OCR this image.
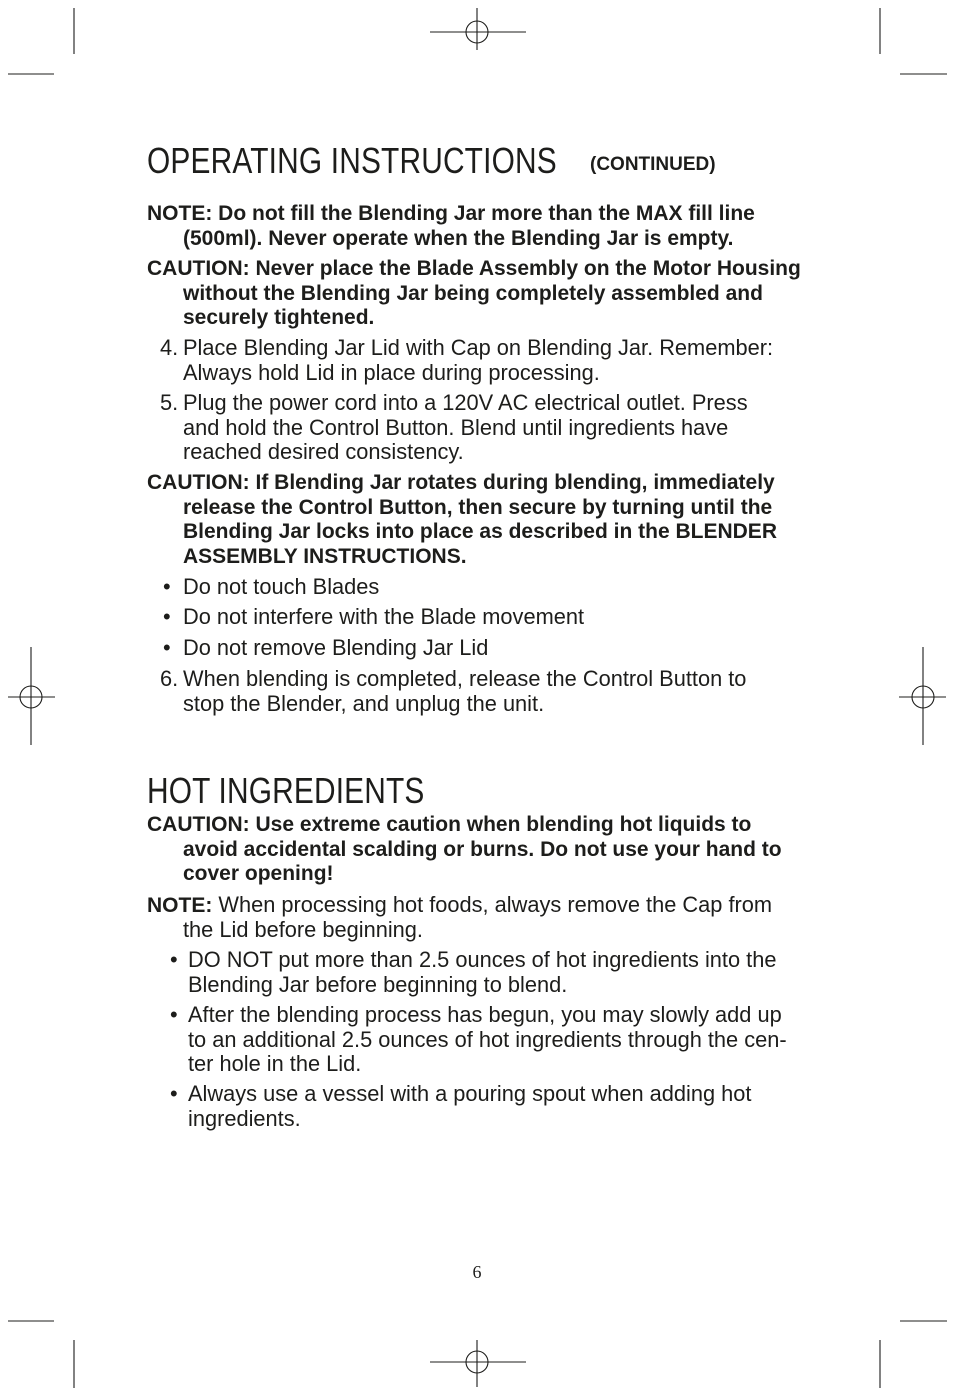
OPERATING INSTRUCTIONS (CONTINUED)
NOTE: Do not fill the Blending Jar more than the MAX fill line
(500ml). Never operate when the Blending Jar is empty.
CAUTION: Never place the Blade Assembly on the Motor Housing
without the Blending Jar being completely assembled and
securely tightened.
4. Place Blending Jar Lid with Cap on Blending Jar. Remember:
Always hold Lid in place during processing.
5. Plug the power cord into a 120V AC electrical outlet. Press
and hold the Control Button. Blend until ingredients have
reached desired consistency.
CAUTION: If Blending Jar rotates during blending, immediately
release the Control Button, then secure by turning until the
Blending Jar locks into place as described in the BLENDER
ASSEMBLY INSTRUCTIONS.
• Do not touch Blades
• Do not interfere with the Blade movement
• Do not remove Blending Jar Lid
6. When blending is completed, release the Control Button to
stop the Blender, and unplug the unit.
HOT INGREDIENTS
CAUTION: Use extreme caution when blending hot liquids to
avoid accidental scalding or burns. Do not use your hand to
cover opening!
NOTE: When processing hot foods, always remove the Cap from
the Lid before beginning.
• DO NOT put more than 2.5 ounces of hot ingredients into the
Blending Jar before beginning to blend.
• After the blending process has begun, you may slowly add up
to an additional 2.5 ounces of hot ingredients through the cen-
ter hole in the Lid.
• Always use a vessel with a pouring spout when adding hot
ingredients.
6
